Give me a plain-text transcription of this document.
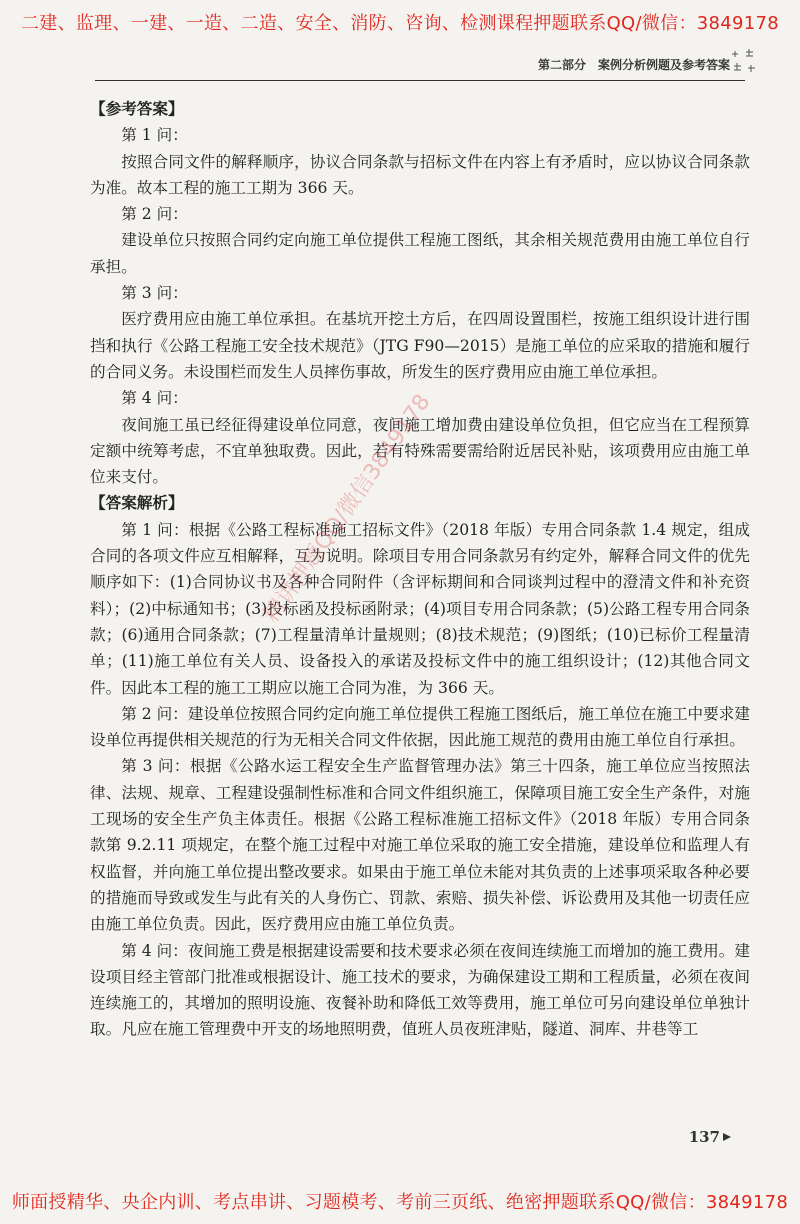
二建、监理、一建、一造、二造、安全、消防、咨询、检测课程押题联系QQ/微信：3849178
第二部分　案例分析例题及参考答案

【参考答案】

第 1 问：

按照合同文件的解释顺序，协议合同条款与招标文件在内容上有矛盾时，应以协议合同条款为准。故本工程的施工工期为 366 天。

第 2 问：

建设单位只按照合同约定向施工单位提供工程施工图纸，其余相关规范费用由施工单位自行承担。

第 3 问：

医疗费用应由施工单位承担。在基坑开挖土方后，在四周设置围栏，按施工组织设计进行围挡和执行《公路工程施工安全技术规范》（JTG F90—2015）是施工单位的应采取的措施和履行的合同义务。未设围栏而发生人员摔伤事故，所发生的医疗费用应由施工单位承担。

第 4 问：

夜间施工虽已经征得建设单位同意，夜间施工增加费由建设单位负担，但它应当在工程预算定额中统筹考虑，不宜单独取费。因此，若有特殊需要需给附近居民补贴，该项费用应由施工单位来支付。

【答案解析】

第 1 问：根据《公路工程标准施工招标文件》（2018 年版）专用合同条款 1.4 规定，组成合同的各项文件应互相解释，互为说明。除项目专用合同条款另有约定外，解释合同文件的优先顺序如下：(1)合同协议书及各种合同附件（含评标期间和合同谈判过程中的澄清文件和补充资料）；(2)中标通知书；(3)投标函及投标函附录；(4)项目专用合同条款；(5)公路工程专用合同条款；(6)通用合同条款；(7)工程量清单计量规则；(8)技术规范；(9)图纸；(10)已标价工程量清单；(11)施工单位有关人员、设备投入的承诺及投标文件中的施工组织设计；(12)其他合同文件。因此本工程的施工工期应以施工合同为准，为 366 天。

第 2 问：建设单位按照合同约定向施工单位提供工程施工图纸后，施工单位在施工中要求建设单位再提供相关规范的行为无相关合同文件依据，因此施工规范的费用由施工单位自行承担。

第 3 问：根据《公路水运工程安全生产监督管理办法》第三十四条，施工单位应当按照法律、法规、规章、工程建设强制性标准和合同文件组织施工，保障项目施工安全生产条件，对施工现场的安全生产负主体责任。根据《公路工程标准施工招标文件》（2018 年版）专用合同条款第 9.2.11 项规定，在整个施工过程中对施工单位采取的施工安全措施，建设单位和监理人有权监督，并向施工单位提出整改要求。如果由于施工单位未能对其负责的上述事项采取各种必要的措施而导致或发生与此有关的人身伤亡、罚款、索赔、损失补偿、诉讼费用及其他一切责任应由施工单位负责。因此，医疗费用应由施工单位负责。

第 4 问：夜间施工费是根据建设需要和技术要求必须在夜间连续施工而增加的施工费用。建设项目经主管部门批准或根据设计、施工技术的要求，为确保建设工期和工程质量，必须在夜间连续施工的，其增加的照明设施、夜餐补助和降低工效等费用，施工单位可另向建设单位单独计取。凡应在施工管理费中开支的场地照明费，值班人员夜班津贴，隧道、洞库、井巷等工

精讲押题QQ/微信3849178
137
师面授精华、央企内训、考点串讲、习题模考、考前三页纸、绝密押题联系QQ/微信：3849178
